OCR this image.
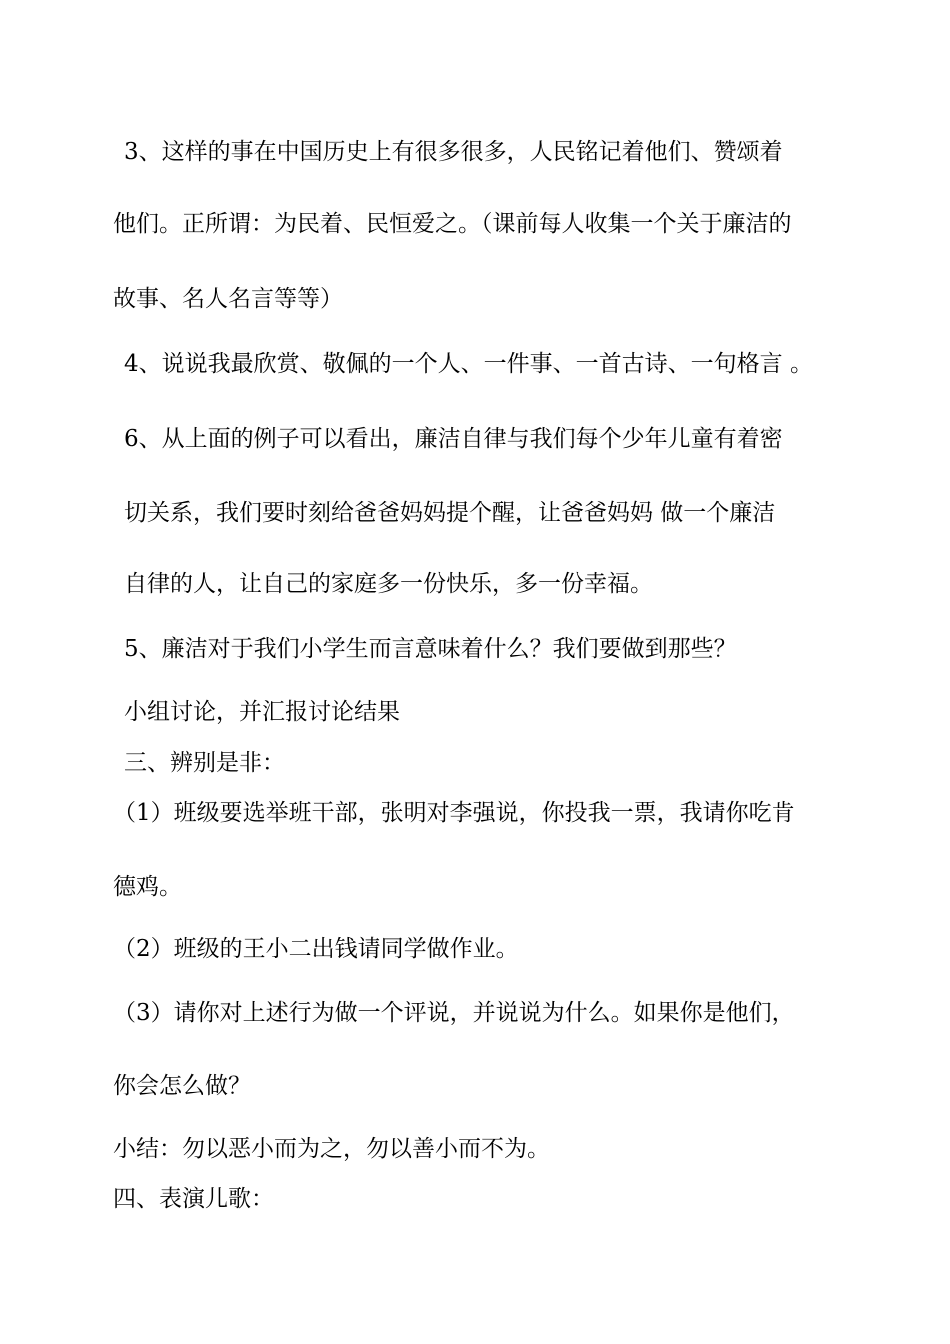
3、这样的事在中国历史上有很多很多，人民铭记着他们、赞颂着
他们。正所谓：为民着、民恒爱之。（课前每人收集一个关于廉洁的
故事、名人名言等等）
4、说说我最欣赏、敬佩的一个人、一件事、一首古诗、一句格言 。
6、从上面的例子可以看出，廉洁自律与我们每个少年儿童有着密
切关系，我们要时刻给爸爸妈妈提个醒，让爸爸妈妈 做一个廉洁
自律的人，让自己的家庭多一份快乐，多一份幸福。
5、廉洁对于我们小学生而言意味着什么？我们要做到那些？
小组讨论，并汇报讨论结果
三、辨别是非：
（1）班级要选举班干部，张明对李强说，你投我一票，我请你吃肯
德鸡。
（2）班级的王小二出钱请同学做作业。
（3）请你对上述行为做一个评说，并说说为什么。如果你是他们，
你会怎么做？
小结：勿以恶小而为之，勿以善小而不为。
四、表演儿歌：
